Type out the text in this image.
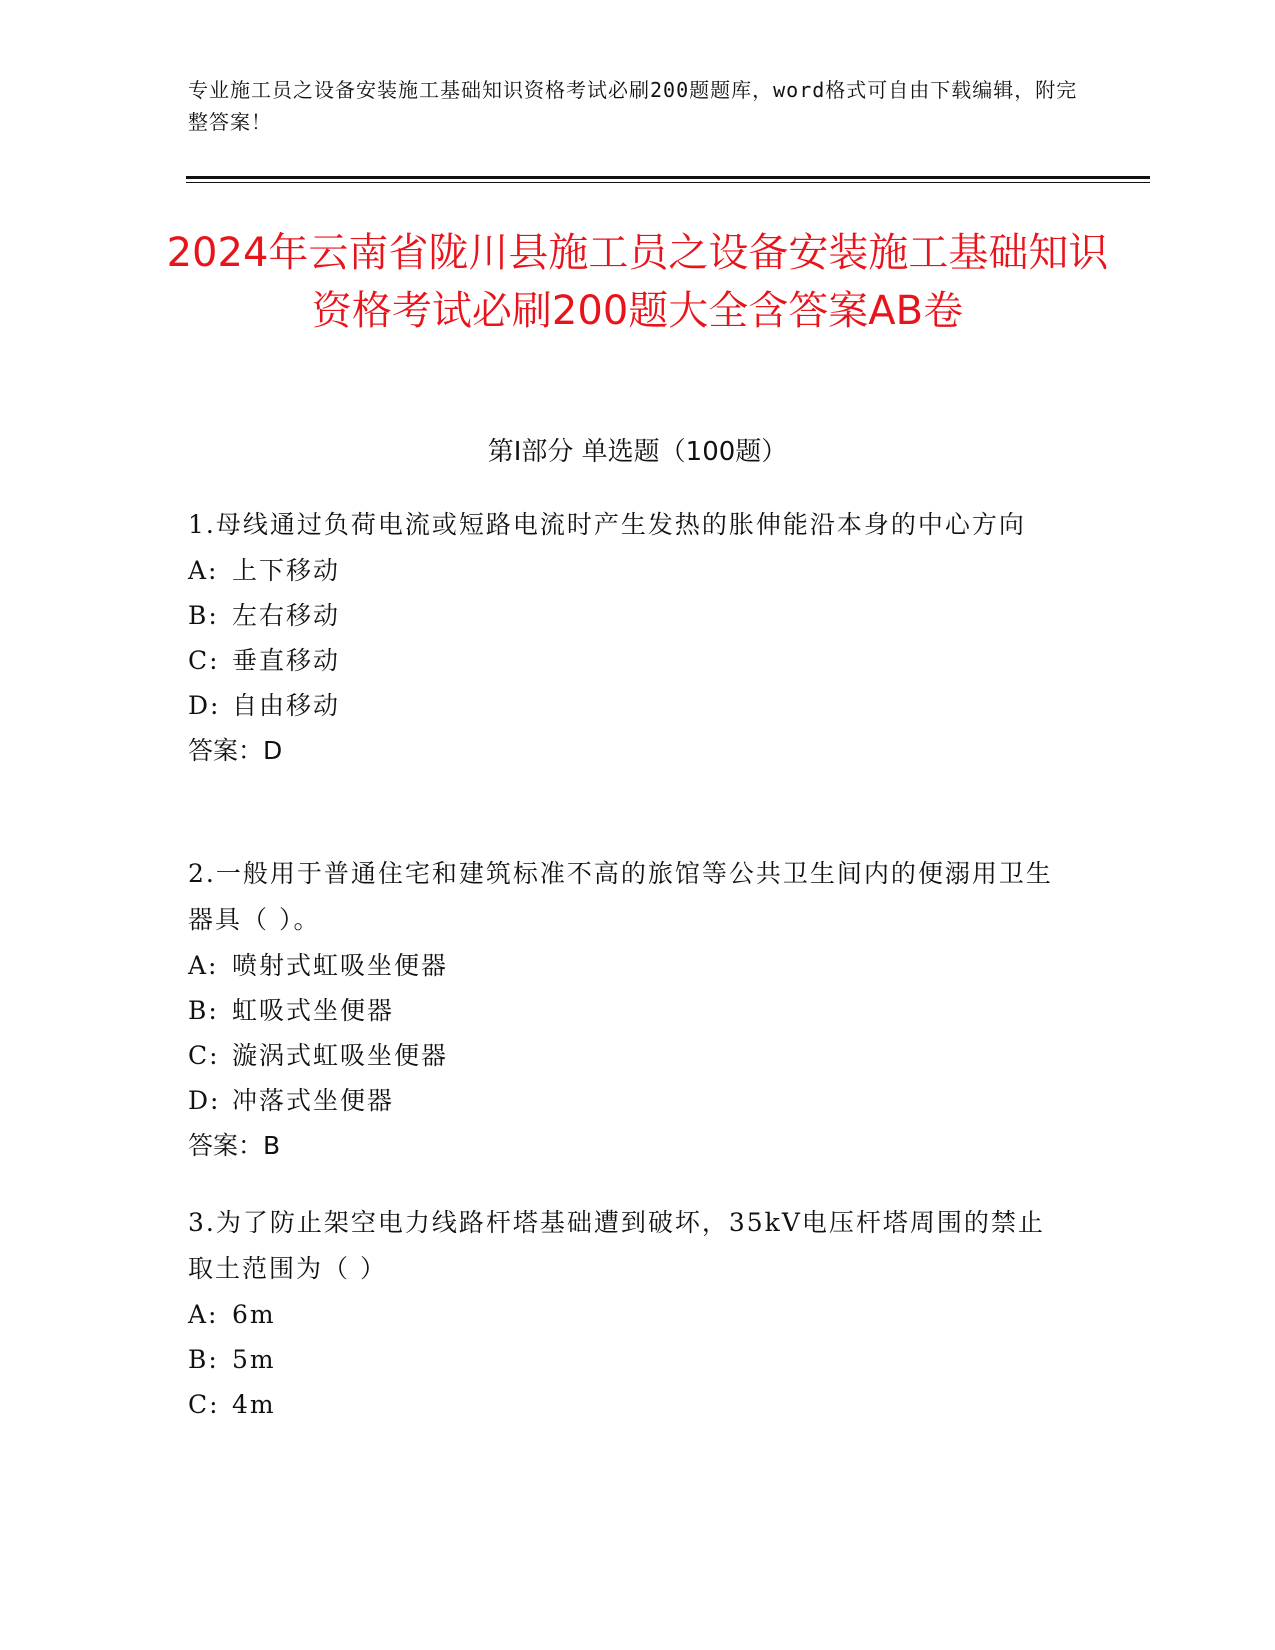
专业施工员之设备安装施工基础知识资格考试必刷200题题库，word格式可自由下载编辑，附完整答案！

2024年云南省陇川县施工员之设备安装施工基础知识资格考试必刷200题大全含答案AB卷
第I部分 单选题（100题）

1.母线通过负荷电流或短路电流时产生发热的胀伸能沿本身的中心方向

A: 上下移动

B: 左右移动

C: 垂直移动

D: 自由移动

答案：D

2.一般用于普通住宅和建筑标准不高的旅馆等公共卫生间内的便溺用卫生器具（ ）。

A: 喷射式虹吸坐便器

B: 虹吸式坐便器

C: 漩涡式虹吸坐便器

D: 冲落式坐便器

答案：B

3.为了防止架空电力线路杆塔基础遭到破坏，35kV电压杆塔周围的禁止取土范围为（ ）

A: 6m

B: 5m

C: 4m
